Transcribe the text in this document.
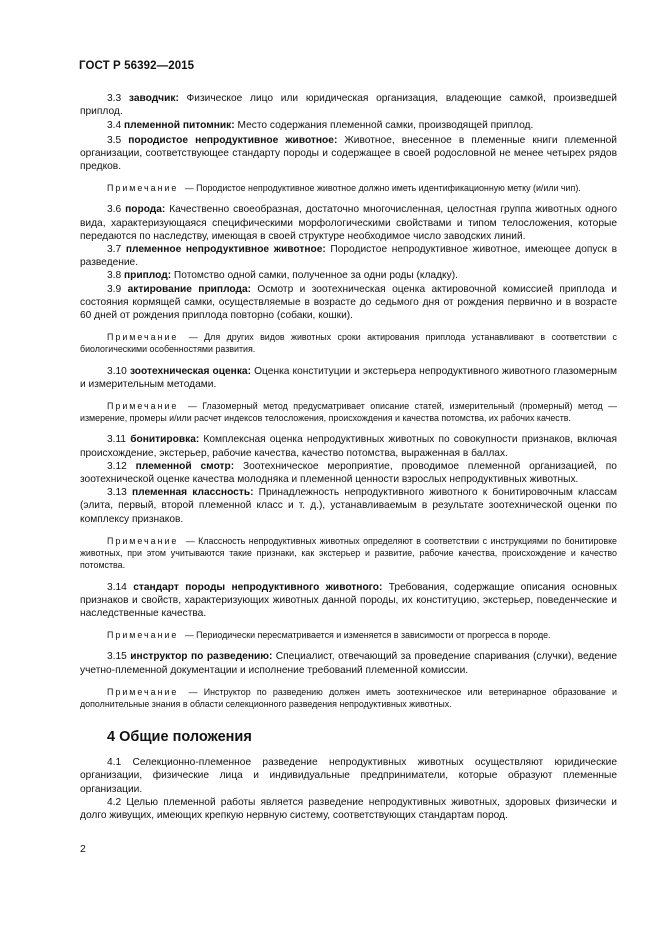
ГОСТ Р 56392—2015

3.3 заводчик: Физическое лицо или юридическая организация, владеющие самкой, произведшей приплод.

3.4 племенной питомник: Место содержания племенной самки, производящей приплод.

3.5 породистое непродуктивное животное: Животное, внесенное в племенные книги племенной организации, соответствующее стандарту породы и содержащее в своей родословной не менее четырех рядов предков.

Примечание — Породистое непродуктивное животное должно иметь идентификационную метку (и/или чип).

3.6 порода: Качественно своеобразная, достаточно многочисленная, целостная группа животных одного вида, характеризующаяся специфическими морфологическими свойствами и типом телосложения, которые передаются по наследству, имеющая в своей структуре необходимое число заводских линий.

3.7 племенное непродуктивное животное: Породистое непродуктивное животное, имеющее допуск в разведение.

3.8 приплод: Потомство одной самки, полученное за одни роды (кладку).

3.9 актирование приплода: Осмотр и зоотехническая оценка актировочной комиссией приплода и состояния кормящей самки, осуществляемые в возрасте до седьмого дня от рождения первично и в возрасте 60 дней от рождения приплода повторно (собаки, кошки).

Примечание — Для других видов животных сроки актирования приплода устанавливают в соответствии с биологическими особенностями развития.

3.10 зоотехническая оценка: Оценка конституции и экстерьера непродуктивного животного глазомерным и измерительным методами.

Примечание — Глазомерный метод предусматривает описание статей, измерительный (промерный) метод — измерение, промеры и/или расчет индексов телосложения, происхождения и качества потомства, их рабочих качеств.

3.11 бонитировка: Комплексная оценка непродуктивных животных по совокупности признаков, включая происхождение, экстерьер, рабочие качества, качество потомства, выраженная в баллах.

3.12 племенной смотр: Зоотехническое мероприятие, проводимое племенной организацией, по зоотехнической оценке качества молодняка и племенной ценности взрослых непродуктивных животных.

3.13 племенная классность: Принадлежность непродуктивного животного к бонитировочным классам (элита, первый, второй племенной класс и т. д.), устанавливаемым в результате зоотехнической оценки по комплексу признаков.

Примечание — Классность непродуктивных животных определяют в соответствии с инструкциями по бонитировке животных, при этом учитываются такие признаки, как экстерьер и развитие, рабочие качества, происхождение и качество потомства.

3.14 стандарт породы непродуктивного животного: Требования, содержащие описания основных признаков и свойств, характеризующих животных данной породы, их конституцию, экстерьер, поведенческие и наследственные качества.

Примечание — Периодически пересматривается и изменяется в зависимости от прогресса в породе.

3.15 инструктор по разведению: Специалист, отвечающий за проведение спаривания (случки), ведение учетно-племенной документации и исполнение требований племенной комиссии.

Примечание — Инструктор по разведению должен иметь зоотехническое или ветеринарное образование и дополнительные знания в области селекционного разведения непродуктивных животных.

4 Общие положения

4.1 Селекционно-племенное разведение непродуктивных животных осуществляют юридические организации, физические лица и индивидуальные предприниматели, которые образуют племенные организации.

4.2 Целью племенной работы является разведение непродуктивных животных, здоровых физически и долго живущих, имеющих крепкую нервную систему, соответствующих стандартам пород.

2
